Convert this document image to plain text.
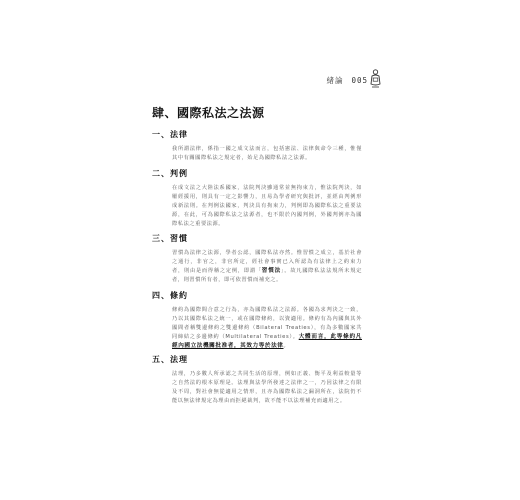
緒論 005
肆、國際私法之法源
一、法律

我所謂法律，係指一國之成文法而言，包括憲法、法律與命令三種，惟僅其中有關國際私法之規定者，始足為國際私法之法源。

二、判例

在成文法之大陸法系國家，法院判決雖通常並無拘束力，惟法院判決，如屢經援用，則具有一定之影響力，且易為學者研究與批評，並經由判例形成新法則。在判例法國家，判決具有拘束力，判例即為國際私法之重要法源，在此，可為國際私法之法源者，也不限於內國判例，外國判例亦為國際私法之重要法源。

三、習慣

習慣為法律之法源，學者公認，國際私法亦然。惟習慣之成立，基於社會之通行，非官之，非官所定，經社會事實已入所認為有法律上之約束力者，則由是而得稱之定例，即謂「習慣法」。故凡國際私法法規所未規定者，則習慣所有者，即可依習慣而補充之。

四、條約

條約為國際間合意之行為，亦為國際私法之法源。各國為求判決之一致，乃以其國際私法之統一，或在國際條約，以資適用。條約有為內國與其外國間者稱雙邊條約之雙邊條約（Bilateral Treaties），有為多數國家共同締結之多邊條約（Multilateral Treaties）。大體而言，此等條約凡經內國立法機關批准者，其效力等於法律。

五、法理

法理，乃多數人所承認之共同生活的原理，例如正義、衡平及利益較量等之自然法的根本原理是。法理與法學所發達之法律之一，乃因法律之有限及不周，對社會無從適用之情形，且亦為國際私法之漏洞所在，法院仍不能以無法律規定為理由而拒絕裁判，故不能不以法理補充而適用之。
